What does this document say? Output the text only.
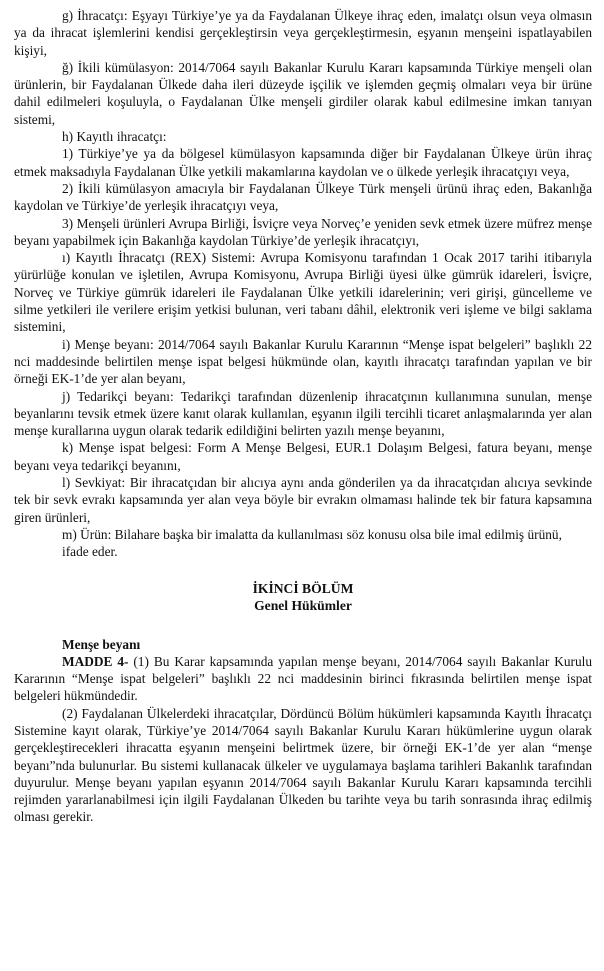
g) İhracatçı: Eşyayı Türkiye’ye ya da Faydalanan Ülkeye ihraç eden, imalatçı olsun veya olmasın ya da ihracat işlemlerini kendisi gerçekleştirsin veya gerçekleştirmesin, eşyanın menşeini ispatlayabilen kişiyi,

ğ) İkili kümülasyon: 2014/7064 sayılı Bakanlar Kurulu Kararı kapsamında Türkiye menşeli olan ürünlerin, bir Faydalanan Ülkede daha ileri düzeyde işçilik ve işlemden geçmiş olmaları veya bir ürüne dahil edilmeleri koşuluyla, o Faydalanan Ülke menşeli girdiler olarak kabul edilmesine imkan tanıyan sistemi,

h) Kayıtlı ihracatçı:

1) Türkiye’ye ya da bölgesel kümülasyon kapsamında diğer bir Faydalanan Ülkeye ürün ihraç etmek maksadıyla Faydalanan Ülke yetkili makamlarına kaydolan ve o ülkede yerleşik ihracatçıyı veya,

2) İkili kümülasyon amacıyla bir Faydalanan Ülkeye Türk menşeli ürünü ihraç eden, Bakanlığa kaydolan ve Türkiye’de yerleşik ihracatçıyı veya,

3) Menşeli ürünleri Avrupa Birliği, İsviçre veya Norveç’e yeniden sevk etmek üzere müfrez menşe beyanı yapabilmek için Bakanlığa kaydolan Türkiye’de yerleşik ihracatçıyı,

ı) Kayıtlı İhracatçı (REX) Sistemi: Avrupa Komisyonu tarafından 1 Ocak 2017 tarihi itibarıyla yürürlüğe konulan ve işletilen, Avrupa Komisyonu, Avrupa Birliği üyesi ülke gümrük idareleri, İsviçre, Norveç ve Türkiye gümrük idareleri ile Faydalanan Ülke yetkili idarelerinin; veri girişi, güncelleme ve silme yetkileri ile verilere erişim yetkisi bulunan, veri tabanı dâhil, elektronik veri işleme ve bilgi saklama sistemini,

i) Menşe beyanı: 2014/7064 sayılı Bakanlar Kurulu Kararının “Menşe ispat belgeleri” başlıklı 22 nci maddesinde belirtilen menşe ispat belgesi hükmünde olan, kayıtlı ihracatçı tarafından yapılan ve bir örneği EK-1’de yer alan beyanı,

j) Tedarikçi beyanı: Tedarikçi tarafından düzenlenip ihracatçının kullanımına sunulan, menşe beyanlarını tevsik etmek üzere kanıt olarak kullanılan, eşyanın ilgili tercihli ticaret anlaşmalarında yer alan menşe kurallarına uygun olarak tedarik edildiğini belirten yazılı menşe beyanını,

k) Menşe ispat belgesi: Form A Menşe Belgesi, EUR.1 Dolaşım Belgesi, fatura beyanı, menşe beyanı veya tedarikçi beyanını,

l) Sevkiyat: Bir ihracatçıdan bir alıcıya aynı anda gönderilen ya da ihracatçıdan alıcıya sevkinde tek bir sevk evrakı kapsamında yer alan veya böyle bir evrakın olmaması halinde tek bir fatura kapsamına giren ürünleri,

m) Ürün: Bilahare başka bir imalatta da kullanılması söz konusu olsa bile imal edilmiş ürünü,

ifade eder.

İKİNCİ BÖLÜM

Genel Hükümler

Menşe beyanı

MADDE 4- (1) Bu Karar kapsamında yapılan menşe beyanı, 2014/7064 sayılı Bakanlar Kurulu Kararının “Menşe ispat belgeleri” başlıklı 22 nci maddesinin birinci fıkrasında belirtilen menşe ispat belgeleri hükmündedir.

(2) Faydalanan Ülkelerdeki ihracatçılar, Dördüncü Bölüm hükümleri kapsamında Kayıtlı İhracatçı Sistemine kayıt olarak, Türkiye’ye 2014/7064 sayılı Bakanlar Kurulu Kararı hükümlerine uygun olarak gerçekleştirecekleri ihracatta eşyanın menşeini belirtmek üzere, bir örneği EK-1’de yer alan “menşe beyanı”nda bulunurlar. Bu sistemi kullanacak ülkeler ve uygulamaya başlama tarihleri Bakanlık tarafından duyurulur. Menşe beyanı yapılan eşyanın 2014/7064 sayılı Bakanlar Kurulu Kararı kapsamında tercihli rejimden yararlanabilmesi için ilgili Faydalanan Ülkeden bu tarihte veya bu tarih sonrasında ihraç edilmiş olması gerekir.
